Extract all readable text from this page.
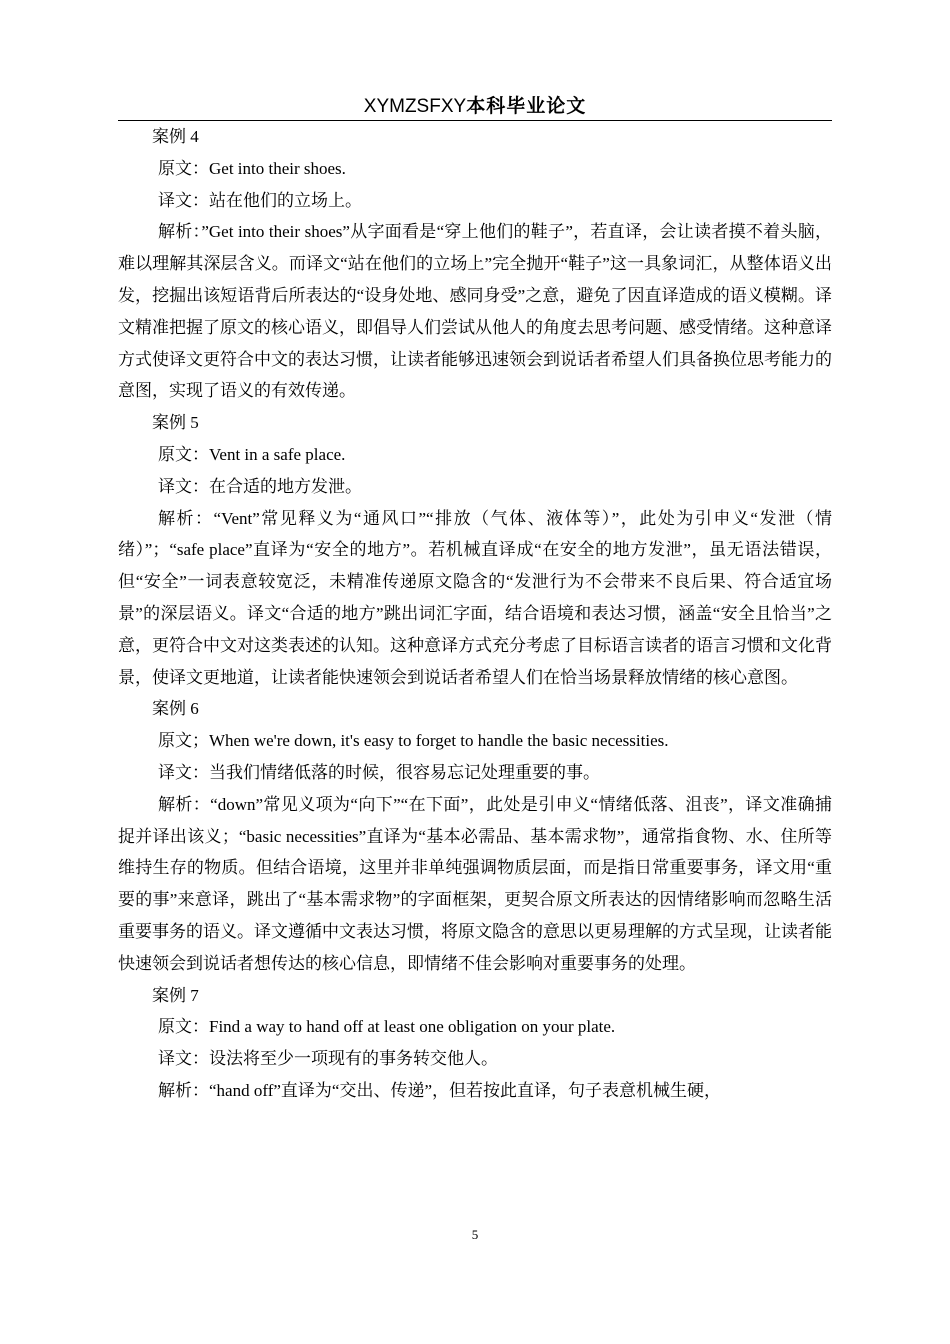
XYMZSFXY本科毕业论文

案例 4

原文：Get into their shoes.

译文：站在他们的立场上。

解析：”Get into their shoes”从字面看是“穿上他们的鞋子”，若直译，会让读者摸不着头脑，难以理解其深层含义。而译文“站在他们的立场上”完全抛开“鞋子”这一具象词汇，从整体语义出发，挖掘出该短语背后所表达的“设身处地、感同身受”之意，避免了因直译造成的语义模糊。译文精准把握了原文的核心语义，即倡导人们尝试从他人的角度去思考问题、感受情绪。这种意译方式使译文更符合中文的表达习惯，让读者能够迅速领会到说话者希望人们具备换位思考能力的意图，实现了语义的有效传递。

案例 5

原文：Vent in a safe place.

译文：在合适的地方发泄。

解析：“Vent”常见释义为“通风口”“排放（气体、液体等）”，此处为引申义“发泄（情绪）”；“safe place”直译为“安全的地方”。若机械直译成“在安全的地方发泄”，虽无语法错误，但“安全”一词表意较宽泛，未精准传递原文隐含的“发泄行为不会带来不良后果、符合适宜场景”的深层语义。译文“合适的地方”跳出词汇字面，结合语境和表达习惯，涵盖“安全且恰当”之意，更符合中文对这类表述的认知。这种意译方式充分考虑了目标语言读者的语言习惯和文化背景，使译文更地道，让读者能快速领会到说话者希望人们在恰当场景释放情绪的核心意图。

案例 6

原文；When we're down, it's easy to forget to handle the basic necessities.

译文：当我们情绪低落的时候，很容易忘记处理重要的事。

解析：“down”常见义项为“向下”“在下面”，此处是引申义“情绪低落、沮丧”，译文准确捕捉并译出该义；“basic necessities”直译为“基本必需品、基本需求物”，通常指食物、水、住所等维持生存的物质。但结合语境，这里并非单纯强调物质层面，而是指日常重要事务，译文用“重要的事”来意译，跳出了“基本需求物”的字面框架，更契合原文所表达的因情绪影响而忽略生活重要事务的语义。译文遵循中文表达习惯，将原文隐含的意思以更易理解的方式呈现，让读者能快速领会到说话者想传达的核心信息，即情绪不佳会影响对重要事务的处理。

案例 7

原文：Find a way to hand off at least one obligation on your plate.

译文：设法将至少一项现有的事务转交他人。

解析：“hand off”直译为“交出、传递”，但若按此直译，句子表意机械生硬，

5
